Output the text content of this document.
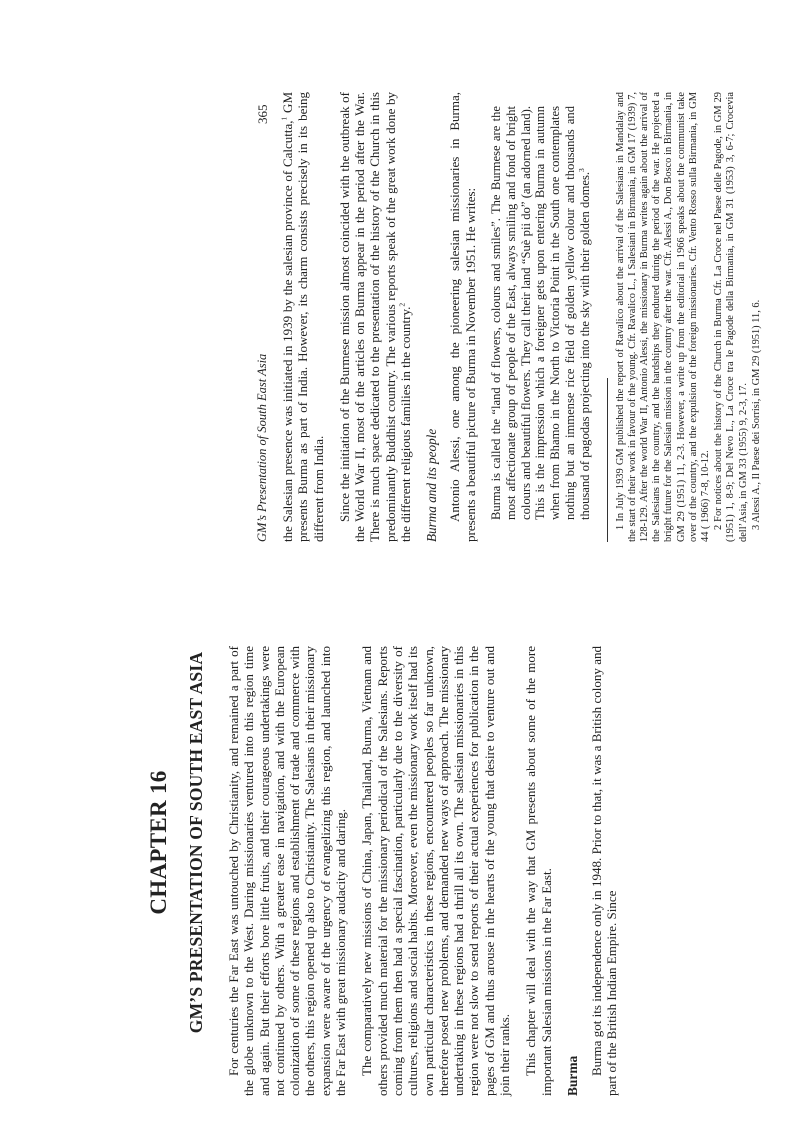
CHAPTER 16 GM’S PRESENTATION OF SOUTH EAST ASIA For centuries the Far East was untouched by Christianity, and remained a part of the globe unknown to the West. Daring missionaries ventured into this region time and again. But their efforts bore little fruits, and their courageous undertakings were not continued by others. With a greater ease in navigation, and with the European colonization of some of these regions and establishment of trade and commerce with the others, this region opened up also to Christianity. The Salesians in their missionary expansion were aware of the urgency of evangelizing this region, and launched into the Far East with great missionary audacity and daring. The comparatively new missions of China, Japan, Thailand, Burma, Vietnam and others provided much material for the missionary periodical of the Salesians. Reports coming from them then had a special fascination, particularly due to the diversity of cultures, religions and social habits. Moreover, even the missionary work itself had its own particular characteristics in these regions, encountered peoples so far unknown, therefore posed new problems, and demanded new ways of approach. The missionary undertaking in these regions had a thrill all its own. The salesian missionaries in this region were not slow to send reports of their actual experiences for publication in the pages of GM and thus arouse in the hearts of the young that desire to venture out and join their ranks. This chapter will deal with the way that GM presents about some of the more important Salesian missions in the Far East. Burma Burma got its independence only in 1948. Prior to that, it was a British colony and part of the British Indian Empire. Since

GM’s Presentation of South East Asia
365

the Salesian presence was initiated in 1939 by the salesian province of Calcutta,$^1$ GM presents Burma as part of India. However, its charm consists precisely in its being different from India. Since the initiation of the Burmese mission almost coincided with the outbreak of the World War II, most of the articles on Burma appear in the period after the War. There is much space dedicated to the presentation of the history of the Church in this predominantly Buddhist country. The various reports speak of the great work done by the different religious families in the country.$^2$

Burma and its people Antonio Alessi, one among the pioneering salesian missionaries in Burma, presents a beautiful picture of Burma in November 1951. He writes: Burma is called the “land of flowers, colours and smiles”. The Burmese are the most affectionate group of people of the East, always smiling and fond of bright colours and beautiful flowers. They call their land “Suè pii do” (an adorned land). This is the impression which a foreigner gets upon entering Burma in autumn when from Bhamo in the North to Victoria Point in the South one contemplates nothing but an immense rice field of golden yellow colour and thousands and thousand of pagodas projecting into the sky with their golden domes.$^3$	1 In July 1939 GM published the report of Ravalico about the arrival of the Salesians in Mandalay and the start of their work in favour of the young. Cfr. Ravalico L., I Salesiani in Birmania, in GM 17 (1939) 7, 128-129. After the world War II, Antonio Alessi, the missionary in Burma writes again about the arrival of the Salesians in the country, and the hardships they endured during the period of the war. He projected a bright future for the Salesian mission in the country after the war. Cfr. Alessi A., Don Bosco in Birmania, in GM 29 (1951) 11, 2-3. However, a write up from the editorial in 1966 speaks about the communist take over of the country, and the expulsion of the foreign missionaries. Cfr. Vento Rosso sulla Birmania, in GM 44 ( 1966) 7-8, 10-12. 2 For notices about the history of the Church in Burma Cfr. La Croce nel Paese delle Pagode, in GM 29 (1951) 1, 8-9; Del Nevo L., La Croce tra le Pagode della Birmania, in GM 31 (1953) 3, 6-7; Crocevia dell’Asia, in GM 33 (1955) 9, 2-3, 17. 3 Alessi A., Il Paese dei Sorrisi, in GM 29 (1951) 11, 6.
